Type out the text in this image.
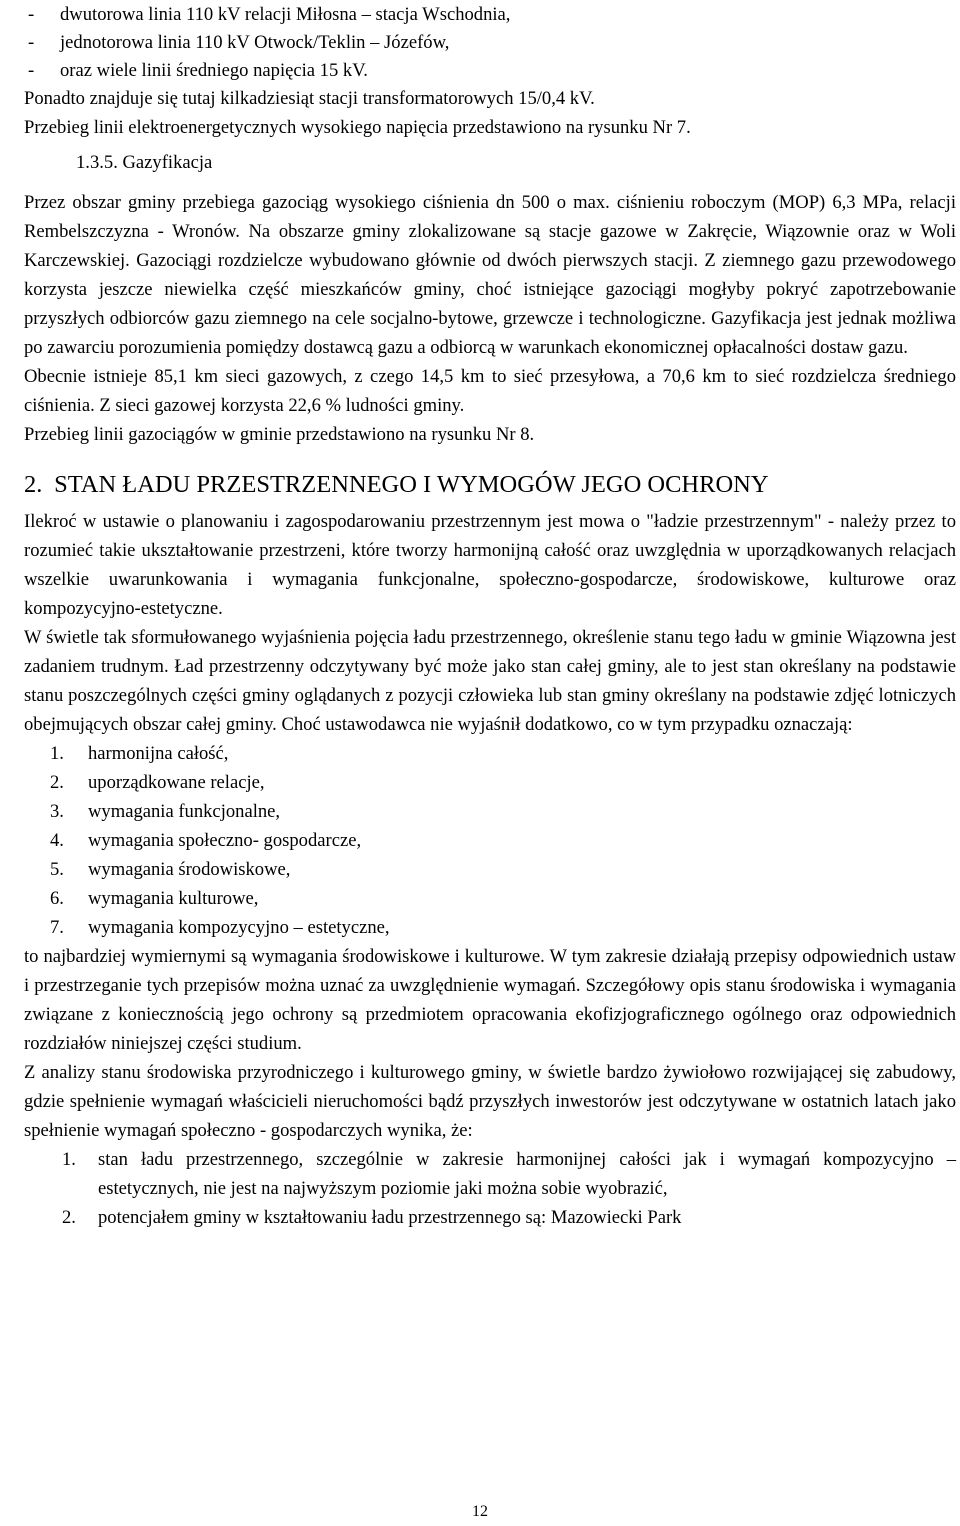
- dwutorowa linia 110 kV relacji Miłosna – stacja Wschodnia,
- jednotorowa linia 110 kV Otwock/Teklin – Józefów,
- oraz wiele linii średniego napięcia 15 kV.

Ponadto znajduje się tutaj kilkadziesiąt stacji transformatorowych 15/0,4 kV.

Przebieg linii elektroenergetycznych wysokiego napięcia przedstawiono na rysunku Nr 7.

1.3.5. Gazyfikacja

Przez obszar gminy przebiega gazociąg wysokiego ciśnienia dn 500 o max. ciśnieniu roboczym (MOP) 6,3 MPa, relacji Rembelszczyzna - Wronów. Na obszarze gminy zlokalizowane są stacje gazowe w Zakręcie, Wiązownie oraz w Woli Karczewskiej. Gazociągi rozdzielcze wybudowano głównie od dwóch pierwszych stacji. Z ziemnego gazu przewodowego korzysta jeszcze niewielka część mieszkańców gminy, choć istniejące gazociągi mogłyby pokryć zapotrzebowanie przyszłych odbiorców gazu ziemnego na cele socjalno-bytowe, grzewcze i technologiczne. Gazyfikacja jest jednak możliwa po zawarciu porozumienia pomiędzy dostawcą gazu a odbiorcą w warunkach ekonomicznej opłacalności dostaw gazu.

Obecnie istnieje 85,1 km sieci gazowych, z czego 14,5 km to sieć przesyłowa, a 70,6 km to sieć rozdzielcza średniego ciśnienia. Z sieci gazowej korzysta 22,6 % ludności gminy.

Przebieg linii gazociągów w gminie przedstawiono na rysunku Nr 8.

2. STAN ŁADU PRZESTRZENNEGO I WYMOGÓW JEGO OCHRONY

Ilekroć w ustawie o planowaniu i zagospodarowaniu przestrzennym jest mowa o "ładzie przestrzennym" - należy przez to rozumieć takie ukształtowanie przestrzeni, które tworzy harmonijną całość oraz uwzględnia w uporządkowanych relacjach wszelkie uwarunkowania i wymagania funkcjonalne, społeczno-gospodarcze, środowiskowe, kulturowe oraz kompozycyjno-estetyczne.

W świetle tak sformułowanego wyjaśnienia pojęcia ładu przestrzennego, określenie stanu tego ładu w gminie Wiązowna jest zadaniem trudnym. Ład przestrzenny odczytywany być może jako stan całej gminy, ale to jest stan określany na podstawie stanu poszczególnych części gminy oglądanych z pozycji człowieka lub stan gminy określany na podstawie zdjęć lotniczych obejmujących obszar całej gminy. Choć ustawodawca nie wyjaśnił dodatkowo, co w tym przypadku oznaczają:

1. harmonijna całość,
2. uporządkowane relacje,
3. wymagania funkcjonalne,
4. wymagania społeczno- gospodarcze,
5. wymagania środowiskowe,
6. wymagania kulturowe,
7. wymagania kompozycyjno – estetyczne,

to najbardziej wymiernymi są wymagania środowiskowe i kulturowe. W tym zakresie działają przepisy odpowiednich ustaw i przestrzeganie tych przepisów można uznać za uwzględnienie wymagań. Szczegółowy opis stanu środowiska i wymagania związane z koniecznością jego ochrony są przedmiotem opracowania ekofizjograficznego ogólnego oraz odpowiednich rozdziałów niniejszej części studium.

Z analizy stanu środowiska przyrodniczego i kulturowego gminy, w świetle bardzo żywiołowo rozwijającej się zabudowy, gdzie spełnienie wymagań właścicieli nieruchomości bądź przyszłych inwestorów jest odczytywane w ostatnich latach jako spełnienie wymagań społeczno - gospodarczych wynika, że:

1. stan ładu przestrzennego, szczególnie w zakresie harmonijnej całości jak i wymagań kompozycyjno – estetycznych, nie jest na najwyższym poziomie jaki można sobie wyobrazić,
2. potencjałem gminy w kształtowaniu ładu przestrzennego są: Mazowiecki Park
12
